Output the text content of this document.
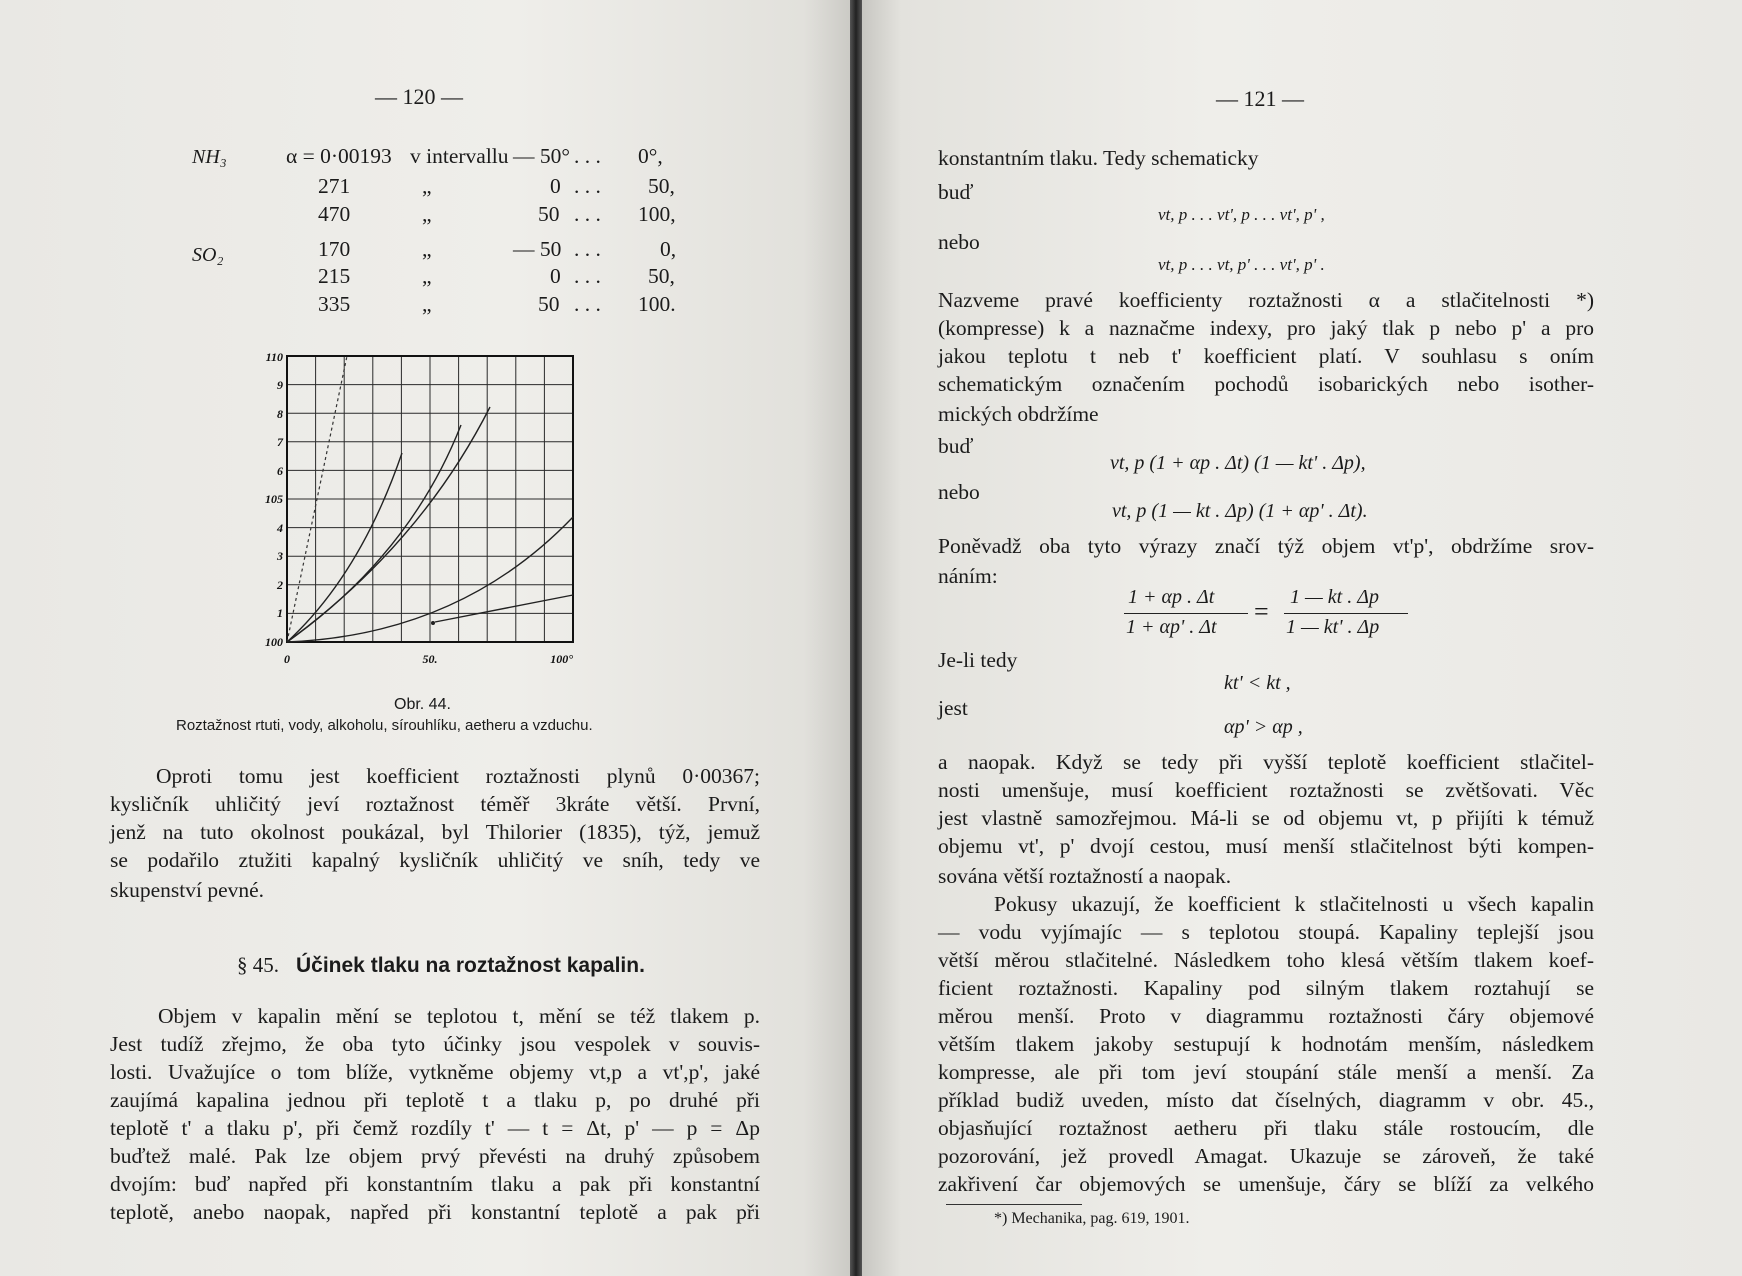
— 120 —
NH₃	α = 0·00193 v intervallu — 50° . . . 0°,
271	„	0 . . . 50,
470	„	50 . . . 100,
SO₂	170	„	— 50 . . .	0,
215	„	0 . . . 50,
335	„	50 . . . 100.
110
9
8
7
6
105
4
3
2
1
100
0	50.	100°
Obr. 44.
Roztažnost rtuti, vody, alkoholu, sírouhlíku, aetheru a vzduchu.
Oproti tomu jest koefficient roztažnosti plynů 0·00367;
kysličník uhličitý jeví roztažnost téměř 3kráte větší. První,
jenž na tuto okolnost poukázal, byl Thilorier (1835), týž, jemuž
se podařilo ztužiti kapalný kysličník uhličitý ve sníh, tedy ve
skupenství pevné.
§ 45. Účinek tlaku na roztažnost kapalin.
Objem v kapalin mění se teplotou t, mění se též tlakem p.
Jest tudíž zřejmo, že oba tyto účinky jsou vespolek v souvis-
losti. Uvažujíce o tom blíže, vytkněme objemy vt,p a vt',p', jaké
zaujímá kapalina jednou při teplotě t a tlaku p, po druhé při
teplotě t' a tlaku p', při čemž rozdíly t' — t = Δt, p' — p = Δp
buďtež malé. Pak lze objem prvý převésti na druhý způsobem
dvojím: buď napřed při konstantním tlaku a pak při konstantní
teplotě, anebo naopak, napřed při konstantní teplotě a pak při
— 121 —
konstantním tlaku. Tedy schematicky
buď
vt, p . . . vt', p . . . vt', p' ,
nebo
vt, p . . . vt, p' . . . vt', p' .
Nazveme pravé koefficienty roztažnosti α a stlačitelnosti *)
(kompresse) k a naznačme indexy, pro jaký tlak p nebo p' a pro
jakou teplotu t neb t' koefficient platí. V souhlasu s oním
schematickým označením pochodů isobarických nebo isother-
mických obdržíme
buď
vt, p (1 + αp . Δt) (1 — kt' . Δp),
nebo
vt, p (1 — kt . Δp) (1 + αp' . Δt).
Poněvadž oba tyto výrazy značí týž objem vt'p', obdržíme srov-
náním:
1 + αp . Δt
1 + αp' . Δt
= 1 — kt . Δp
1 — kt' . Δp
Je-li tedy
kt' < kt ,
jest
αp' > αp ,
a naopak. Když se tedy při vyšší teplotě koefficient stlačitel-
nosti umenšuje, musí koefficient roztažnosti se zvětšovati. Věc
jest vlastně samozřejmou. Má-li se od objemu vt, p přijíti k témuž
objemu vt', p' dvojí cestou, musí menší stlačitelnost býti kompen-
sována větší roztažností a naopak.
Pokusy ukazují, že koefficient k stlačitelnosti u všech kapalin
— vodu vyjímajíc — s teplotou stoupá. Kapaliny teplejší jsou
větší měrou stlačitelné. Následkem toho klesá větším tlakem koef-
ficient roztažnosti. Kapaliny pod silným tlakem roztahují se
měrou menší. Proto v diagrammu roztažnosti čáry objemové
větším tlakem jakoby sestupují k hodnotám menším, následkem
kompresse, ale při tom jeví stoupání stále menší a menší. Za
příklad budiž uveden, místo dat číselných, diagramm v obr. 45.,
objasňující roztažnost aetheru při tlaku stále rostoucím, dle
pozorování, jež provedl Amagat. Ukazuje se zároveň, že také
zakřivení čar objemových se umenšuje, čáry se blíží za velkého
*) Mechanika, pag. 619, 1901.
